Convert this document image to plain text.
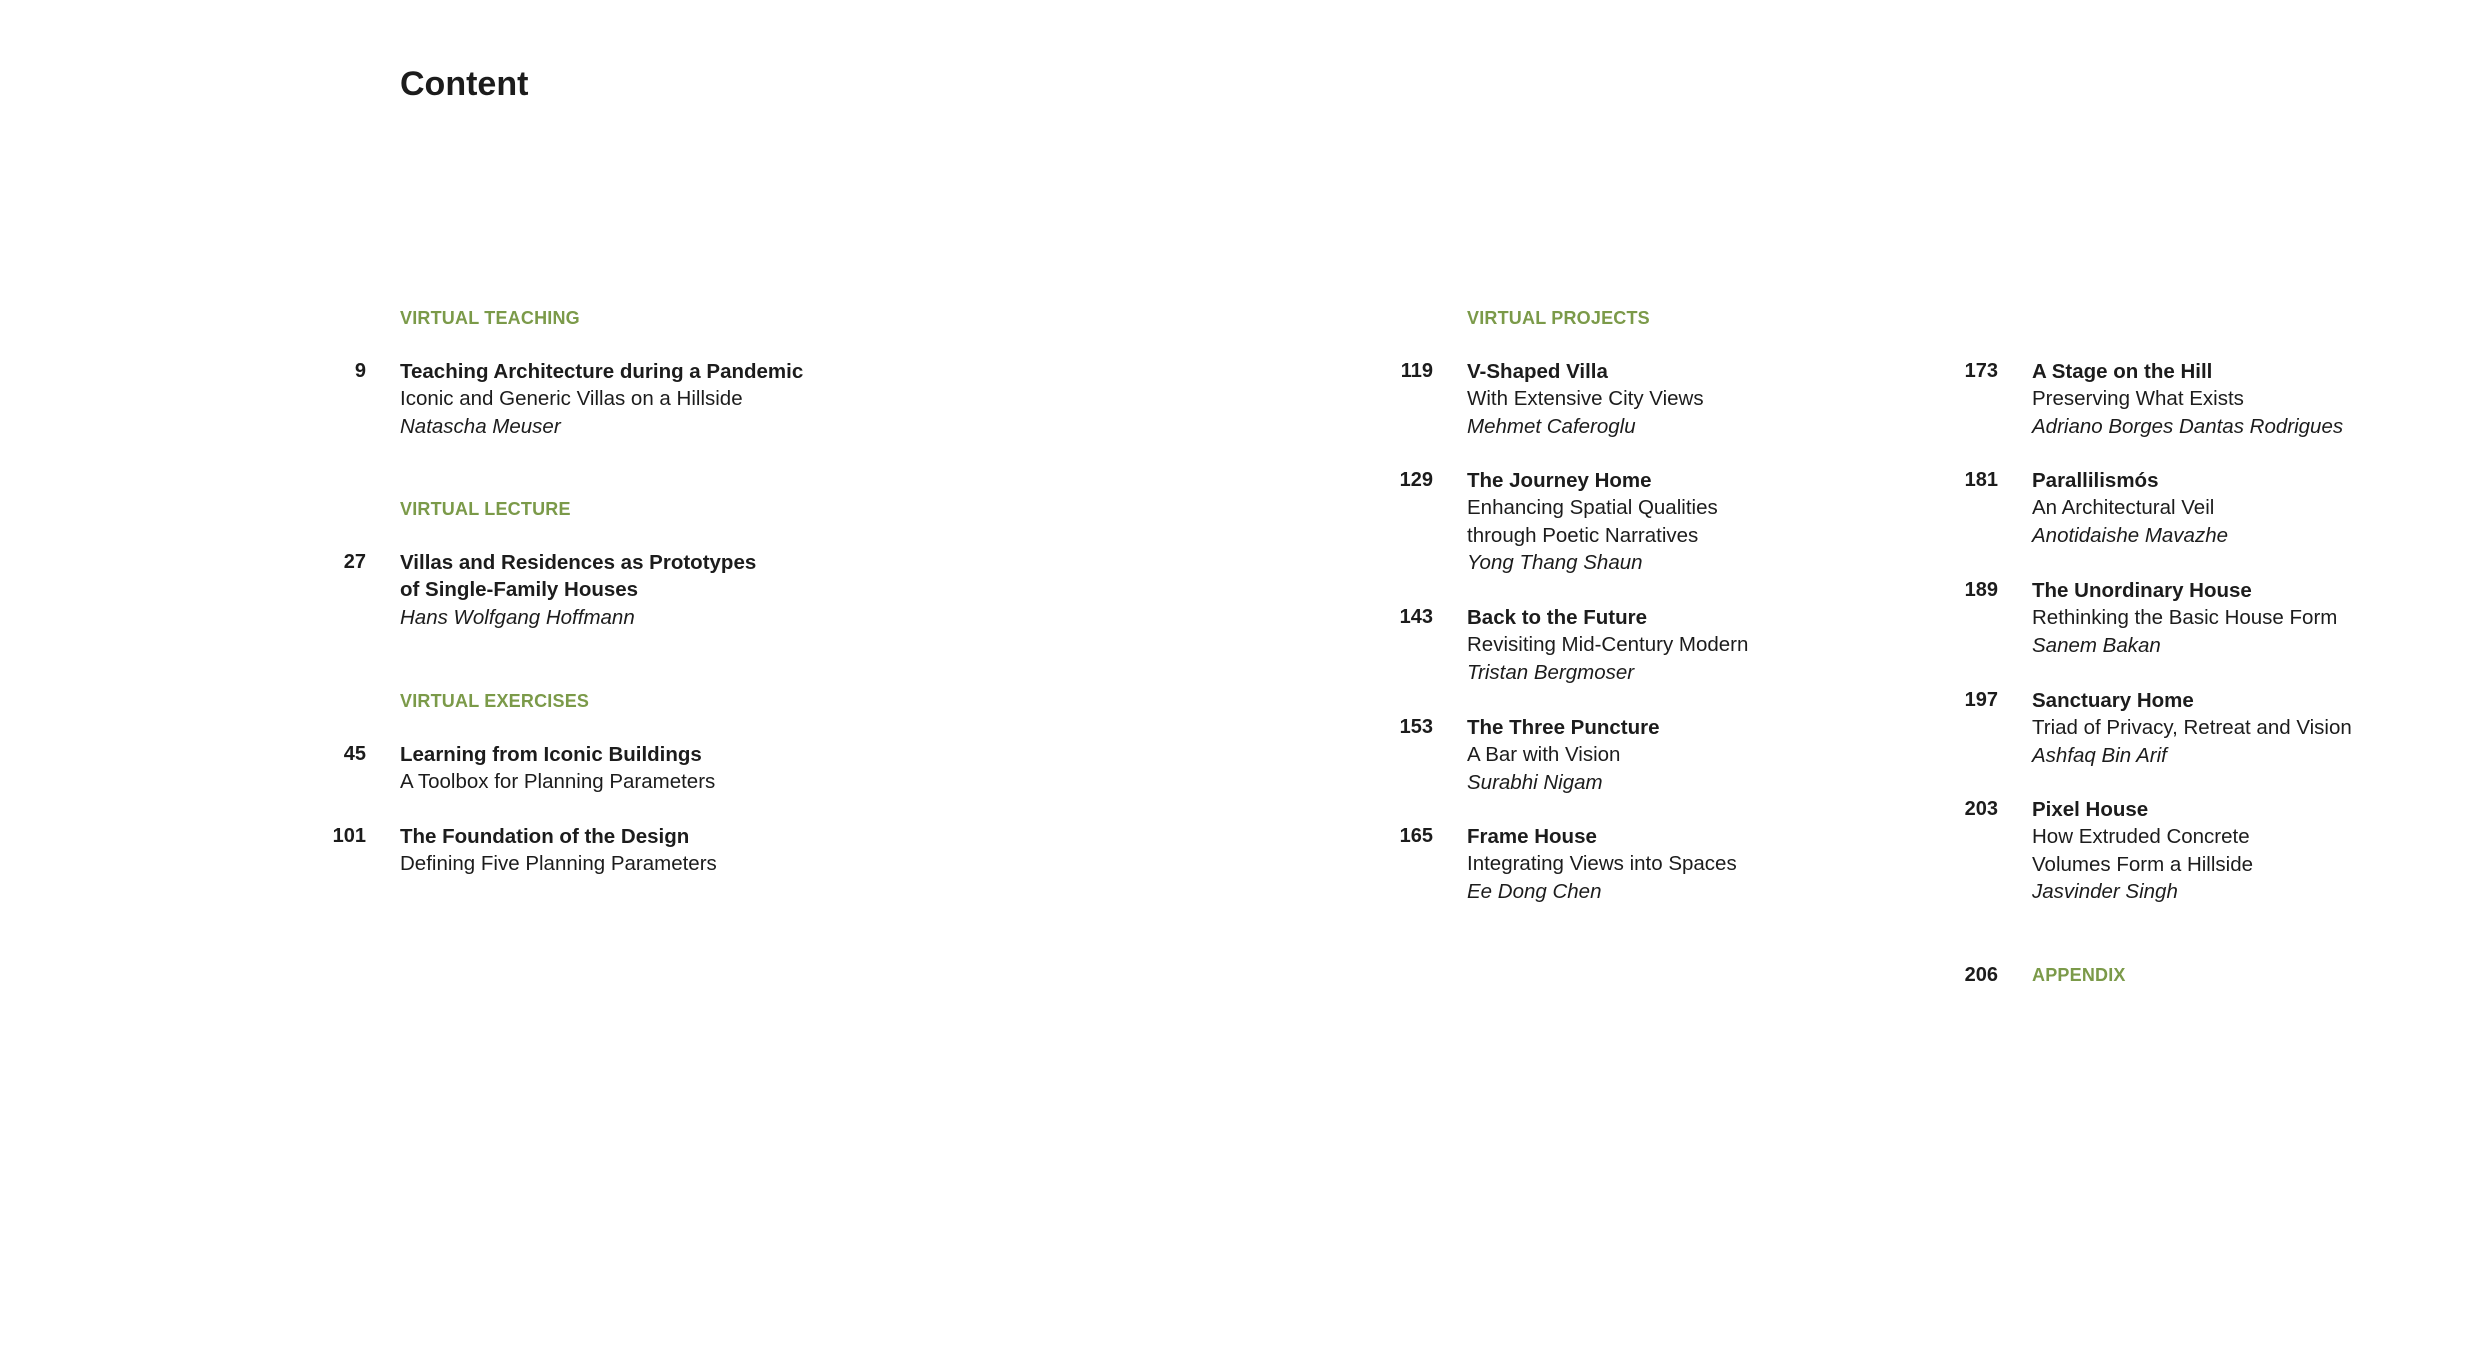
Content
VIRTUAL TEACHING
9 Teaching Architecture during a Pandemic
Iconic and Generic Villas on a Hillside
Natascha Meuser
VIRTUAL LECTURE
27 Villas and Residences as Prototypes
of Single-Family Houses
Hans Wolfgang Hoffmann
VIRTUAL EXERCISES
45 Learning from Iconic Buildings
A Toolbox for Planning Parameters
101 The Foundation of the Design
Defining Five Planning Parameters
VIRTUAL PROJECTS
119 V-Shaped Villa
With Extensive City Views
Mehmet Caferoglu
129 The Journey Home
Enhancing Spatial Qualities
through Poetic Narratives
Yong Thang Shaun
143 Back to the Future
Revisiting Mid-Century Modern
Tristan Bergmoser
153 The Three Puncture
A Bar with Vision
Surabhi Nigam
165 Frame House
Integrating Views into Spaces
Ee Dong Chen
173 A Stage on the Hill
Preserving What Exists
Adriano Borges Dantas Rodrigues
181 Parallilismós
An Architectural Veil
Anotidaishe Mavazhe
189 The Unordinary House
Rethinking the Basic House Form
Sanem Bakan
197 Sanctuary Home
Triad of Privacy, Retreat and Vision
Ashfaq Bin Arif
203 Pixel House
How Extruded Concrete
Volumes Form a Hillside
Jasvinder Singh
206 APPENDIX
